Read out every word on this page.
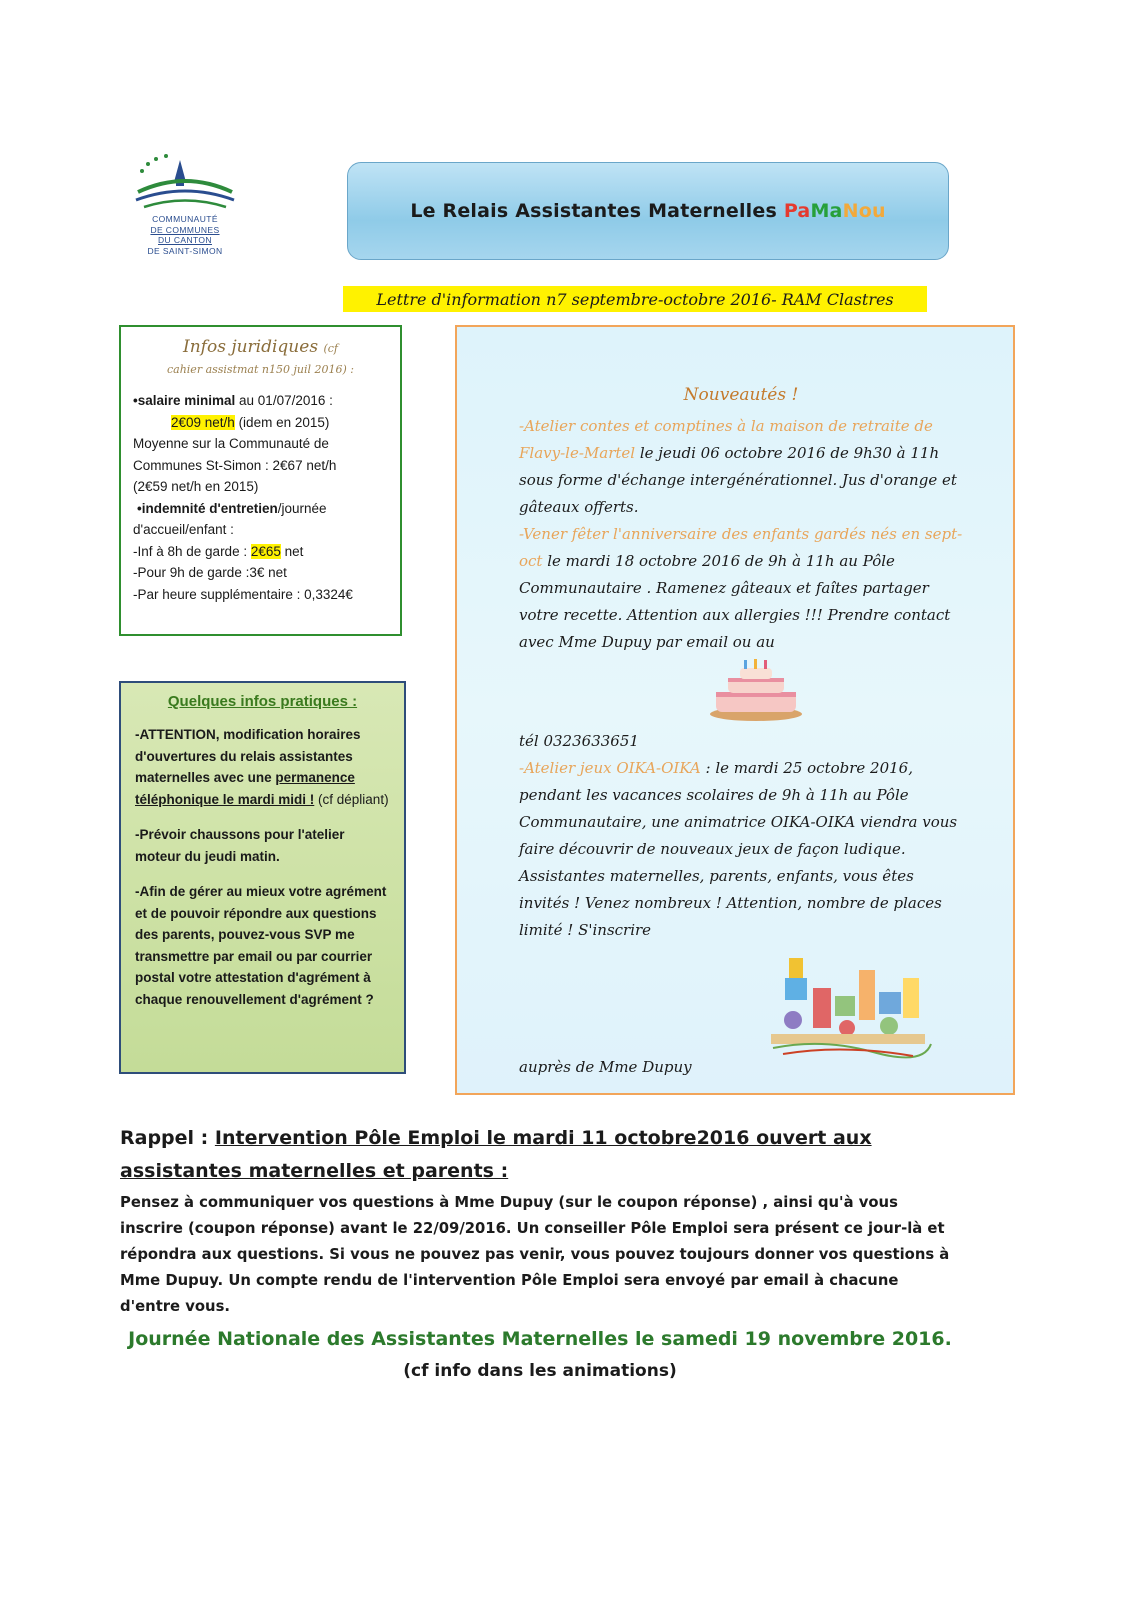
COMMUNAUTÉ
DE COMMUNES
DU CANTON
DE SAINT-SIMON
Le Relais Assistantes Maternelles PaMaNou
Lettre d'information n7 septembre-octobre 2016- RAM Clastres
Infos juridiques (cf
cahier assistmat n150 juil 2016) :
•salaire minimal au 01/07/2016 :
2€09 net/h (idem en 2015)
Moyenne sur la Communauté de
Communes St-Simon : 2€67 net/h
(2€59 net/h en 2015)
•indemnité d'entretien/journée
d'accueil/enfant :
-Inf à 8h de garde : 2€65 net
-Pour 9h de garde :3€ net
-Par heure supplémentaire : 0,3324€
Quelques infos pratiques :
-ATTENTION, modification horaires d'ouvertures du relais assistantes maternelles avec une permanence téléphonique le mardi midi ! (cf dépliant)
-Prévoir chaussons pour l'atelier moteur du jeudi matin.
-Afin de gérer au mieux votre agrément et de pouvoir répondre aux questions des parents, pouvez-vous SVP me transmettre par email ou par courrier postal votre attestation d'agrément à chaque renouvellement d'agrément ?
Nouveautés !
-Atelier contes et comptines à la maison de retraite de Flavy-le-Martel le jeudi 06 octobre 2016 de 9h30 à 11h sous forme d'échange intergénérationnel. Jus d'orange et gâteaux offerts.
-Vener fêter l'anniversaire des enfants gardés nés en sept-oct le mardi 18 octobre 2016 de 9h à 11h au Pôle Communautaire . Ramenez gâteaux et faîtes partager votre recette. Attention aux allergies !!! Prendre contact avec Mme Dupuy par email ou au
tél 0323633651
-Atelier jeux OIKA-OIKA : le mardi 25 octobre 2016, pendant les vacances scolaires de 9h à 11h au Pôle Communautaire, une animatrice OIKA-OIKA viendra vous faire découvrir de nouveaux jeux de façon ludique. Assistantes maternelles, parents, enfants, vous êtes invités ! Venez nombreux ! Attention, nombre de places limité ! S'inscrire
auprès de Mme Dupuy
Rappel : Intervention Pôle Emploi le mardi 11 octobre2016 ouvert aux assistantes maternelles et parents :
Pensez à communiquer vos questions à Mme Dupuy (sur le coupon réponse) , ainsi qu'à vous inscrire (coupon réponse) avant le 22/09/2016. Un conseiller Pôle Emploi sera présent ce jour-là et répondra aux questions. Si vous ne pouvez pas venir, vous pouvez toujours donner vos questions à Mme Dupuy. Un compte rendu de l'intervention Pôle Emploi sera envoyé par email à chacune d'entre vous.
Journée Nationale des Assistantes Maternelles le samedi 19 novembre 2016.
(cf info dans les animations)
